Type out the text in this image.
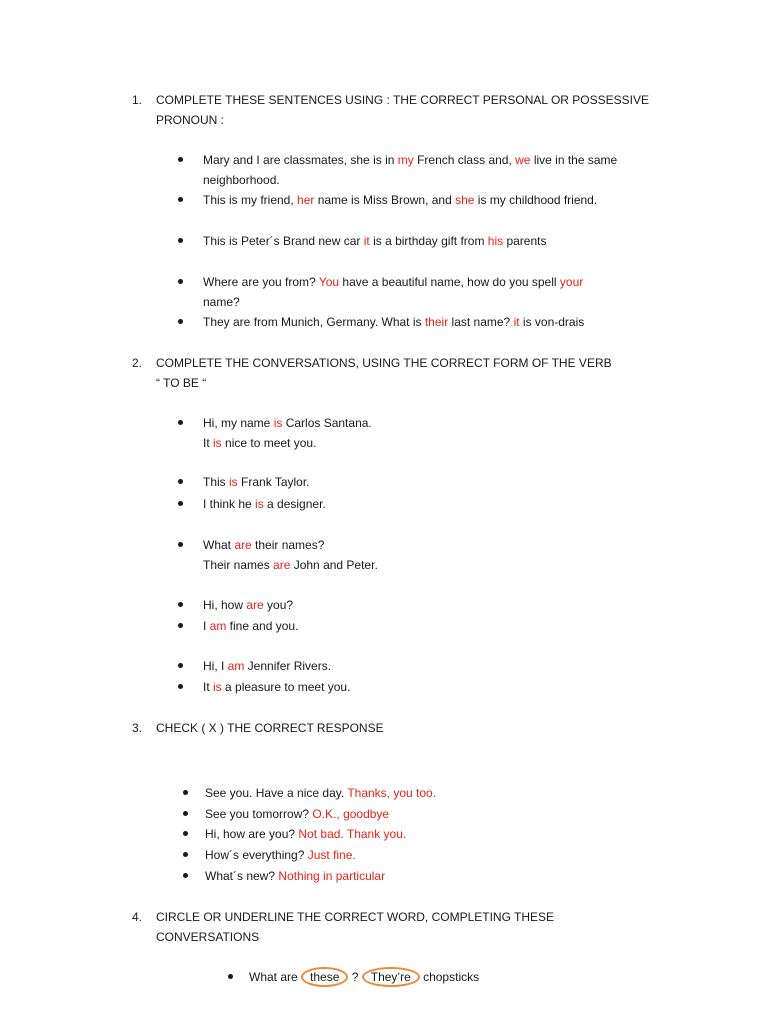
1. COMPLETE THESE SENTENCES USING : THE CORRECT PERSONAL OR POSSESSIVE
PRONOUN :
Mary and I are classmates, she is in my French class and, we live in the same
neighborhood.
This is my friend, her name is Miss Brown, and she is my childhood friend.
This is Peter´s Brand new car it is a birthday gift from his parents
Where are you from? You have a beautiful name, how do you spell your
name?
They are from Munich, Germany. What is their last name? it is von-drais
2. COMPLETE THE CONVERSATIONS, USING THE CORRECT FORM OF THE VERB
“ TO BE “
Hi, my name is Carlos Santana.
It is nice to meet you.
This is Frank Taylor.
I think he is a designer.
What are their names?
Their names are John and Peter.
Hi, how are you?
I am fine and you.
Hi, I am Jennifer Rivers.
It is a pleasure to meet you.
3. CHECK ( X ) THE CORRECT RESPONSE
See you. Have a nice day. Thanks, you too.
See you tomorrow? O.K., goodbye
Hi, how are you? Not bad. Thank you.
How´s everything? Just fine.
What´s new? Nothing in particular
4. CIRCLE OR UNDERLINE THE CORRECT WORD, COMPLETING THESE
CONVERSATIONS
What are these ? They’re chopsticks
